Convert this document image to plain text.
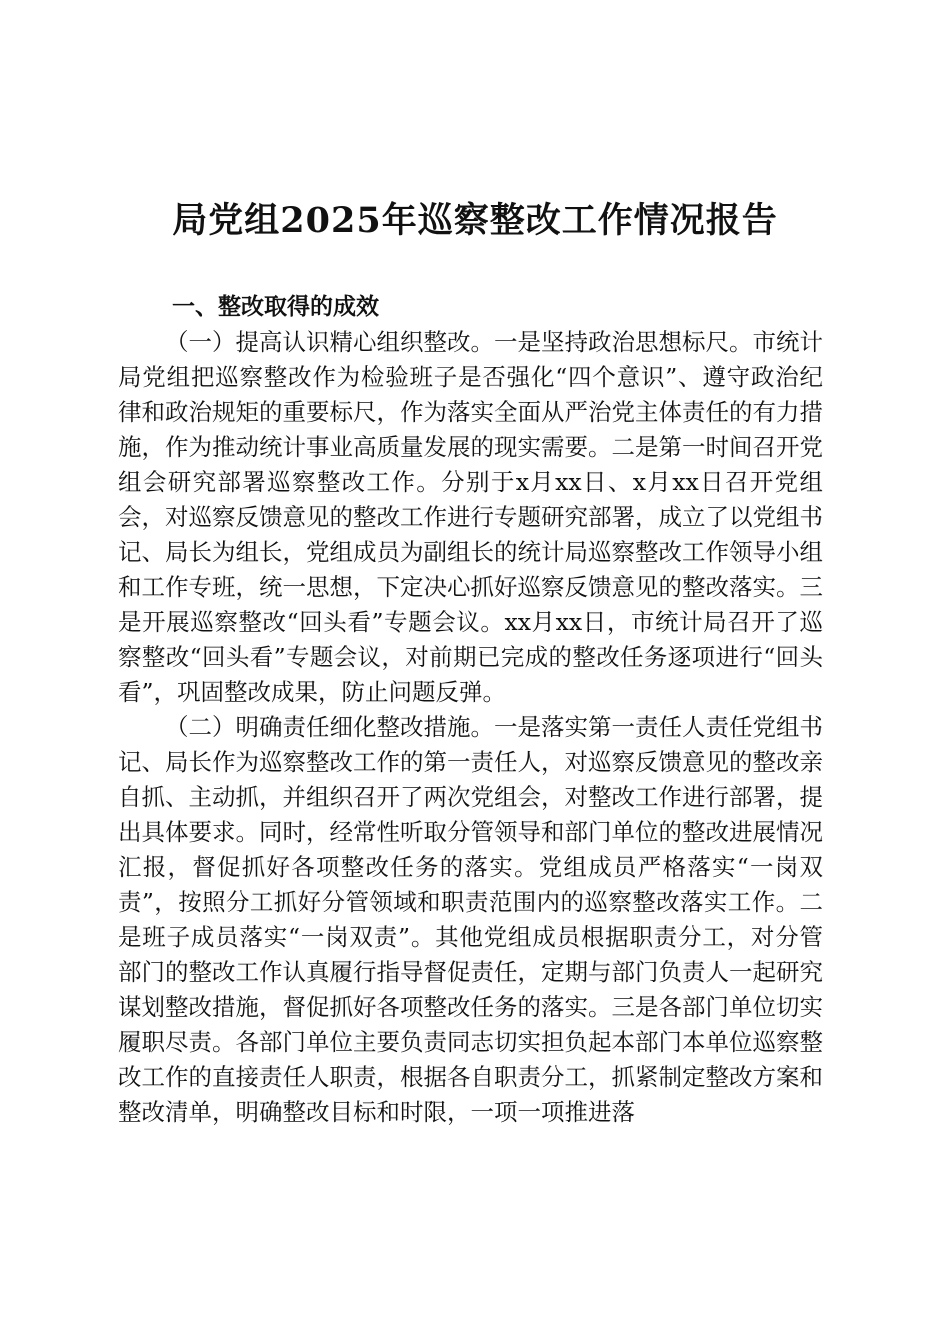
局党组2025年巡察整改工作情况报告
一、整改取得的成效

（一）提高认识精心组织整改。一是坚持政治思想标尺。市统计局党组把巡察整改作为检验班子是否强化“四个意识”、遵守政治纪律和政治规矩的重要标尺，作为落实全面从严治党主体责任的有力措施，作为推动统计事业高质量发展的现实需要。二是第一时间召开党组会研究部署巡察整改工作。分别于x月xx日、x月xx日召开党组会，对巡察反馈意见的整改工作进行专题研究部署，成立了以党组书记、局长为组长，党组成员为副组长的统计局巡察整改工作领导小组和工作专班，统一思想，下定决心抓好巡察反馈意见的整改落实。三是开展巡察整改“回头看”专题会议。xx月xx日，市统计局召开了巡察整改“回头看”专题会议，对前期已完成的整改任务逐项进行“回头看”，巩固整改成果，防止问题反弹。

（二）明确责任细化整改措施。一是落实第一责任人责任党组书记、局长作为巡察整改工作的第一责任人，对巡察反馈意见的整改亲自抓、主动抓，并组织召开了两次党组会，对整改工作进行部署，提出具体要求。同时，经常性听取分管领导和部门单位的整改进展情况汇报，督促抓好各项整改任务的落实。党组成员严格落实“一岗双责”，按照分工抓好分管领域和职责范围内的巡察整改落实工作。二是班子成员落实“一岗双责”。其他党组成员根据职责分工，对分管部门的整改工作认真履行指导督促责任，定期与部门负责人一起研究谋划整改措施，督促抓好各项整改任务的落实。三是各部门单位切实履职尽责。各部门单位主要负责同志切实担负起本部门本单位巡察整改工作的直接责任人职责，根据各自职责分工，抓紧制定整改方案和整改清单，明确整改目标和时限，一项一项推进落
